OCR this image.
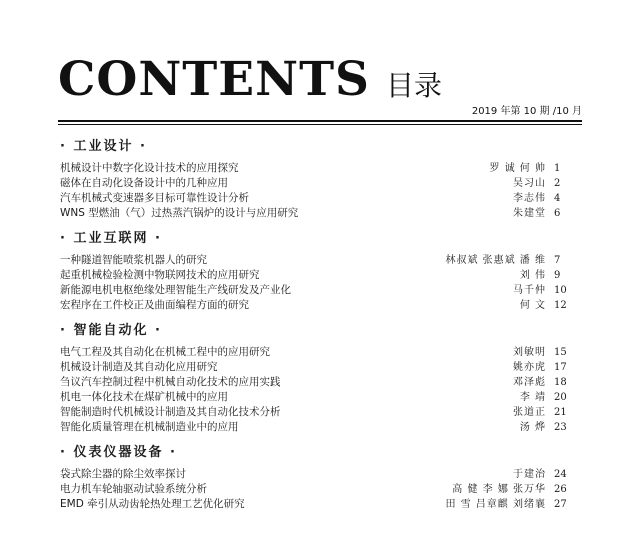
CONTENTS 目录
2019 年第 10 期 /10 月
· 工业设计 ·
机械设计中数字化设计技术的应用探究	罗 诚 何 帅 1
磁体在自动化设备设计中的几种应用	吴习山 2
汽车机械式变速器多目标可靠性设计分析	李志伟 4
WNS 型燃油（气）过热蒸汽锅炉的设计与应用研究	朱建堂 6
· 工业互联网 ·
一种隧道智能喷浆机器人的研究	林叔斌 张惠斌 潘 维 7
起重机械检验检测中物联网技术的应用研究	刘 伟 9
新能源电机电枢绝缘处理智能生产线研发及产业化	马千仲 10
宏程序在工件校正及曲面编程方面的研究	何 文 12
· 智能自动化 ·
电气工程及其自动化在机械工程中的应用研究	刘敏明 15
机械设计制造及其自动化应用研究	姚亦虎 17
刍议汽车控制过程中机械自动化技术的应用实践	邓泽彪 18
机电一体化技术在煤矿机械中的应用	李 靖 20
智能制造时代机械设计制造及其自动化技术分析	张道正 21
智能化质量管理在机械制造业中的应用	汤 烨 23
· 仪表仪器设备 ·
袋式除尘器的除尘效率探讨	于建治 24
电力机车轮轴驱动试验系统分析	高 健 李 娜 张万华 26
EMD 牵引从动齿轮热处理工艺优化研究	田 雪 吕章麒 刘绪襄 27
